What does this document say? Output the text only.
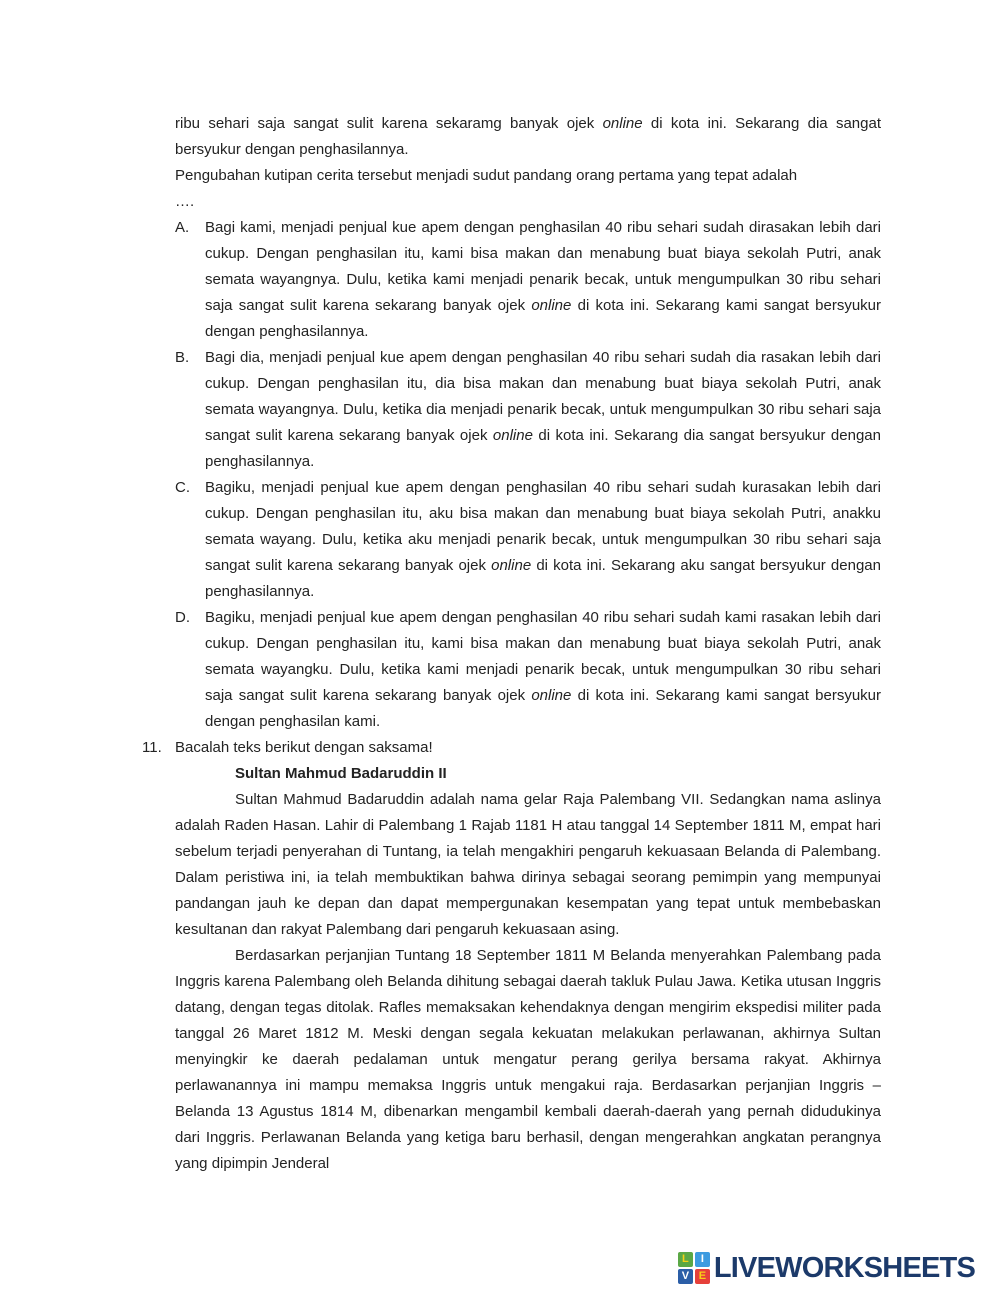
ribu sehari saja sangat sulit karena sekaramg banyak ojek online di kota ini. Sekarang dia sangat bersyukur dengan penghasilannya.

Pengubahan kutipan cerita tersebut menjadi sudut pandang orang pertama yang tepat adalah

….

A.	Bagi kami, menjadi penjual kue apem dengan penghasilan 40 ribu sehari sudah dirasakan lebih dari cukup. Dengan penghasilan itu, kami bisa makan dan menabung buat biaya sekolah Putri, anak semata wayangnya. Dulu, ketika kami menjadi penarik becak, untuk mengumpulkan 30 ribu sehari saja sangat sulit karena sekarang banyak ojek online di kota ini. Sekarang kami sangat bersyukur dengan penghasilannya.
B.	Bagi dia, menjadi penjual kue apem dengan penghasilan 40 ribu sehari sudah dia rasakan lebih dari cukup. Dengan penghasilan itu, dia bisa makan dan menabung buat biaya sekolah Putri, anak semata wayangnya. Dulu, ketika dia menjadi penarik becak, untuk mengumpulkan 30 ribu sehari saja sangat sulit karena sekarang banyak ojek online di kota ini. Sekarang dia sangat bersyukur dengan penghasilannya.
C.	Bagiku, menjadi penjual kue apem dengan penghasilan 40 ribu sehari sudah kurasakan lebih dari cukup. Dengan penghasilan itu, aku bisa makan dan menabung buat biaya sekolah Putri, anakku semata wayang. Dulu, ketika aku menjadi penarik becak, untuk mengumpulkan 30 ribu sehari saja sangat sulit karena sekarang banyak ojek online di kota ini. Sekarang aku sangat bersyukur dengan penghasilannya.
D.	Bagiku, menjadi penjual kue apem dengan penghasilan 40 ribu sehari sudah kami rasakan lebih dari cukup. Dengan penghasilan itu, kami bisa makan dan menabung buat biaya sekolah Putri, anak semata wayangku. Dulu, ketika kami menjadi penarik becak, untuk mengumpulkan 30 ribu sehari saja sangat sulit karena sekarang banyak ojek online di kota ini. Sekarang kami sangat bersyukur dengan penghasilan kami.
11. Bacalah teks berikut dengan saksama!

Sultan Mahmud Badaruddin II

Sultan Mahmud Badaruddin adalah nama gelar Raja Palembang VII. Sedangkan nama aslinya adalah Raden Hasan. Lahir di Palembang 1 Rajab 1181 H atau tanggal 14 September 1811 M, empat hari sebelum terjadi penyerahan di Tuntang, ia telah mengakhiri pengaruh kekuasaan Belanda di Palembang. Dalam peristiwa ini, ia telah membuktikan bahwa dirinya sebagai seorang pemimpin yang mempunyai pandangan jauh ke depan dan dapat mempergunakan kesempatan yang tepat untuk membebaskan kesultanan dan rakyat Palembang dari pengaruh kekuasaan asing.

Berdasarkan perjanjian Tuntang 18 September 1811 M Belanda menyerahkan Palembang pada Inggris karena Palembang oleh Belanda dihitung sebagai daerah takluk Pulau Jawa. Ketika utusan Inggris datang, dengan tegas ditolak. Rafles memaksakan kehendaknya dengan mengirim ekspedisi militer pada tanggal 26 Maret 1812 M. Meski dengan segala kekuatan melakukan perlawanan, akhirnya Sultan menyingkir ke daerah pedalaman untuk mengatur perang gerilya bersama rakyat. Akhirnya perlawanannya ini mampu memaksa Inggris untuk mengakui raja. Berdasarkan perjanjian Inggris – Belanda 13 Agustus 1814 M, dibenarkan mengambil kembali daerah-daerah yang pernah didudukinya dari Inggris. Perlawanan Belanda yang ketiga baru berhasil, dengan mengerahkan angkatan perangnya yang dipimpin Jenderal

L	I
V E LIVEWORKSHEETS
